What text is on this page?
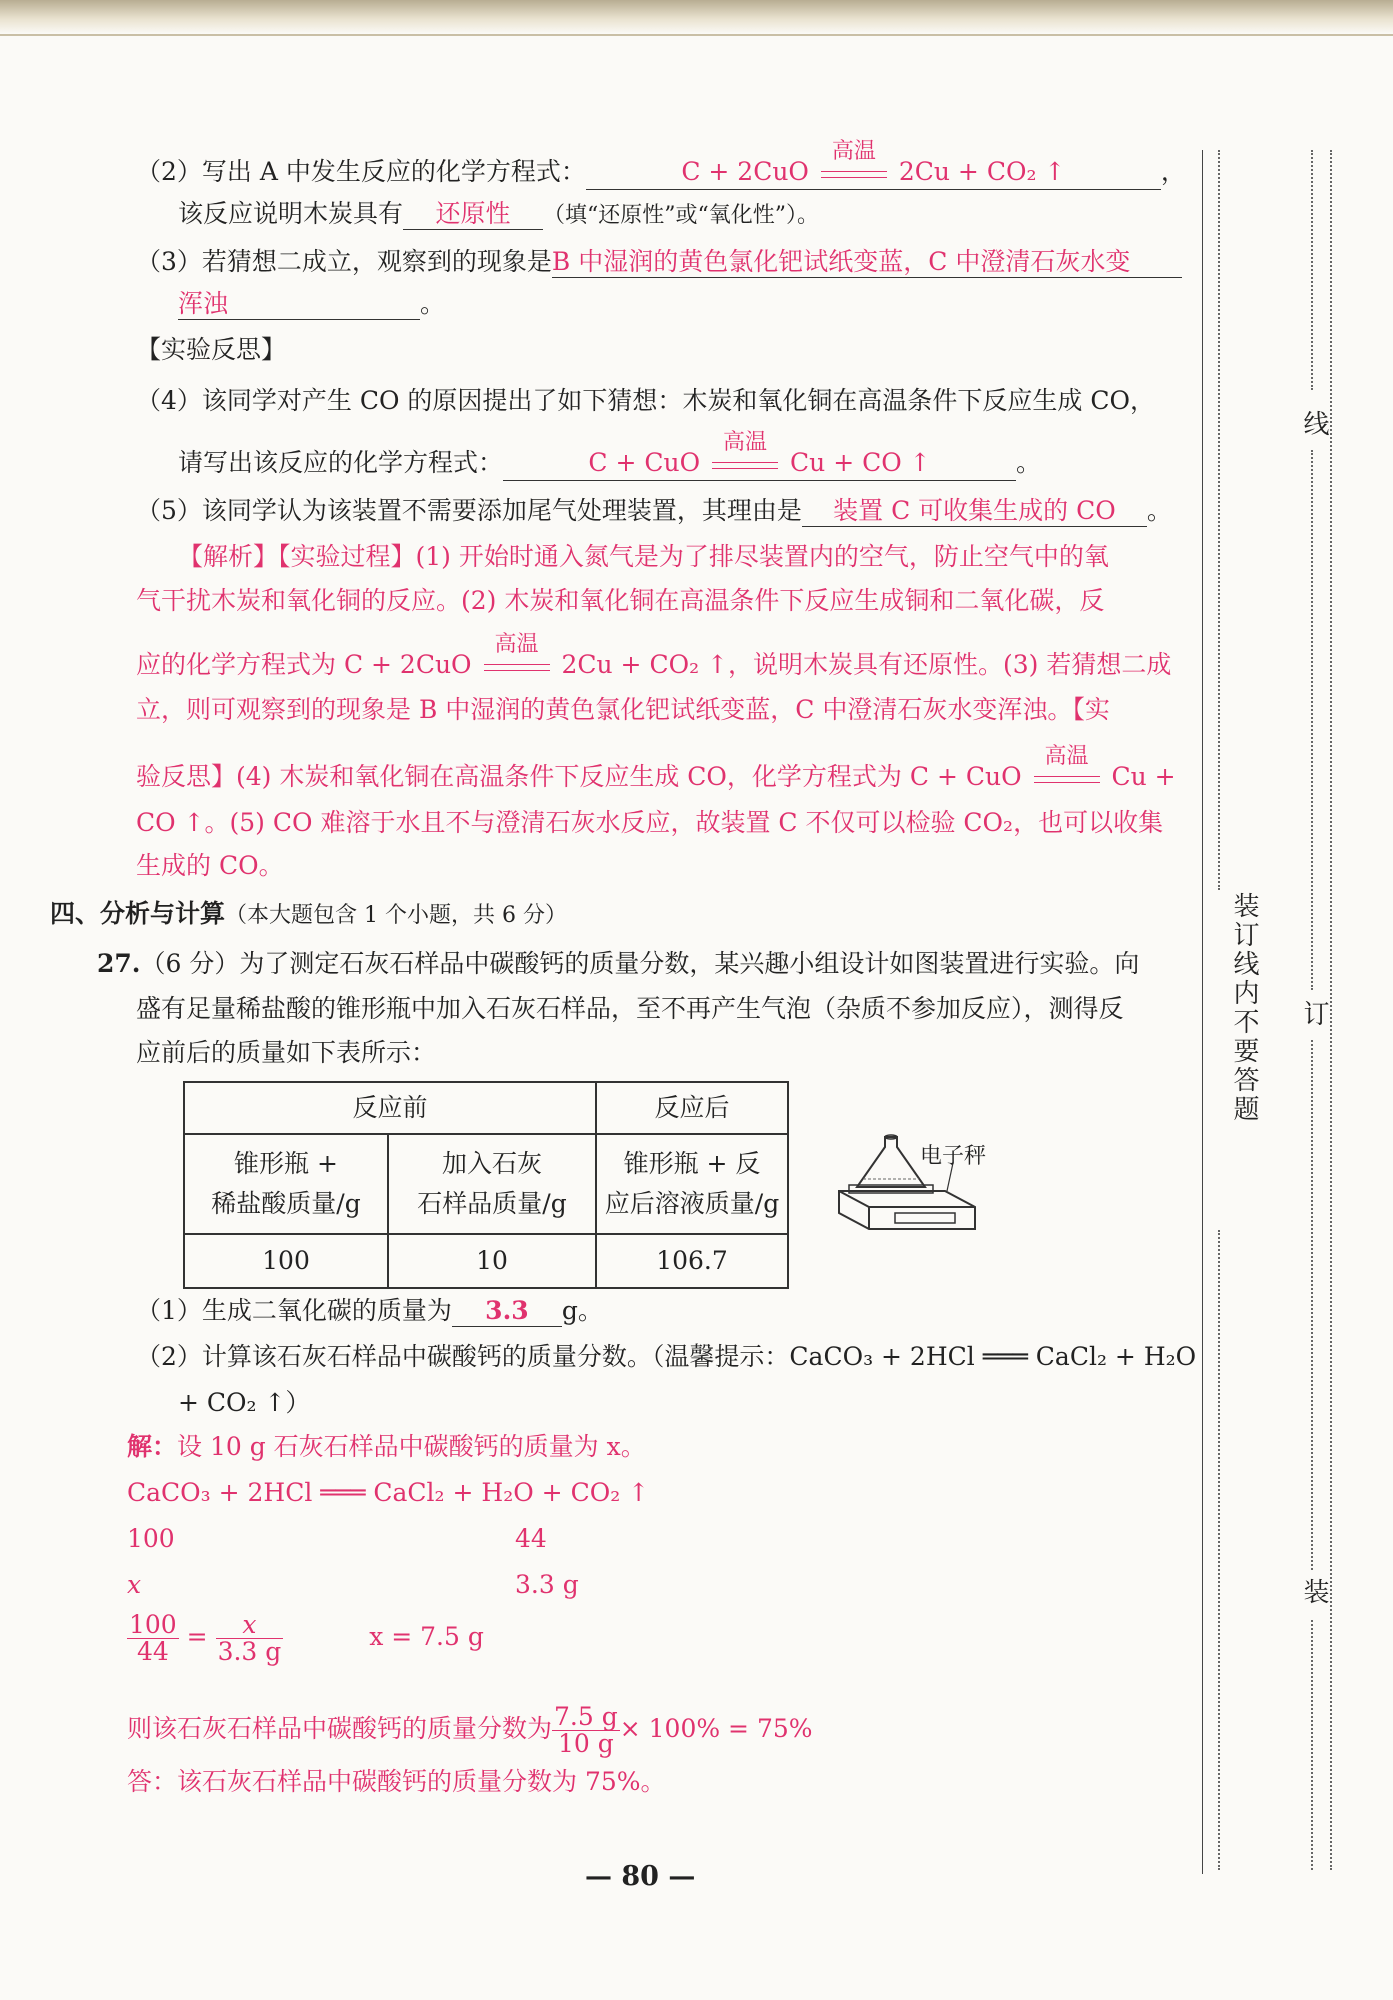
（2）写出 A 中发生反应的化学方程式：	C + 2CuO
高温
2Cu + CO₂ ↑	，
该反应说明木炭具有 还原性 （填“还原性”或“氧化性”）。
（3）若猜想二成立，观察到的现象是B 中湿润的黄色氯化钯试纸变蓝，C 中澄清石灰水变
浑浊	。
【实验反思】
（4）该同学对产生 CO 的原因提出了如下猜想：木炭和氧化铜在高温条件下反应生成 CO，
请写出该反应的化学方程式：	C + CuO
高温
Cu + CO ↑	。
（5）该同学认为该装置不需要添加尾气处理装置，其理由是 装置 C 可收集生成的 CO 。
【解析】【实验过程】(1) 开始时通入氮气是为了排尽装置内的空气，防止空气中的氧
气干扰木炭和氧化铜的反应。(2) 木炭和氧化铜在高温条件下反应生成铜和二氧化碳，反
应的化学方程式为 C + 2CuO
高温
2Cu + CO₂ ↑，说明木炭具有还原性。(3) 若猜想二成
立，则可观察到的现象是 B 中湿润的黄色氯化钯试纸变蓝，C 中澄清石灰水变浑浊。【实
验反思】(4) 木炭和氧化铜在高温条件下反应生成 CO，化学方程式为 C + CuO
高温
Cu +
CO ↑。(5) CO 难溶于水且不与澄清石灰水反应，故装置 C 不仅可以检验 CO₂，也可以收集
生成的 CO。
四、分析与计算（本大题包含 1 个小题，共 6 分）
27.（6 分）为了测定石灰石样品中碳酸钙的质量分数，某兴趣小组设计如图装置进行实验。向
盛有足量稀盐酸的锥形瓶中加入石灰石样品，至不再产生气泡（杂质不参加反应），测得反
应前后的质量如下表所示：
反应前		反应后
锥形瓶 +
稀盐酸质量/g	加入石灰
石样品质量/g	锥形瓶 + 反
应后溶液质量/g
100	10	106.7
电子秤
（1）生成二氧化碳的质量为 3.3 g。
（2）计算该石灰石样品中碳酸钙的质量分数。（温馨提示：CaCO₃ + 2HCl ═══ CaCl₂ + H₂O
+ CO₂ ↑）
解：设 10 g 石灰石样品中碳酸钙的质量为 x。
CaCO₃ + 2HCl ═══ CaCl₂ + H₂O + CO₂ ↑
100	44
x	3.3 g
$\frac{100}{44} = \frac{x}{3.3 g}$	x = 7.5 g
则该石灰石样品中碳酸钙的质量分数为 $\frac{7.5 g}{10 g} \times 100\% = 75\%$
答：该石灰石样品中碳酸钙的质量分数为 75%。
— 80 —
装订线内不要答题
线
订
装
